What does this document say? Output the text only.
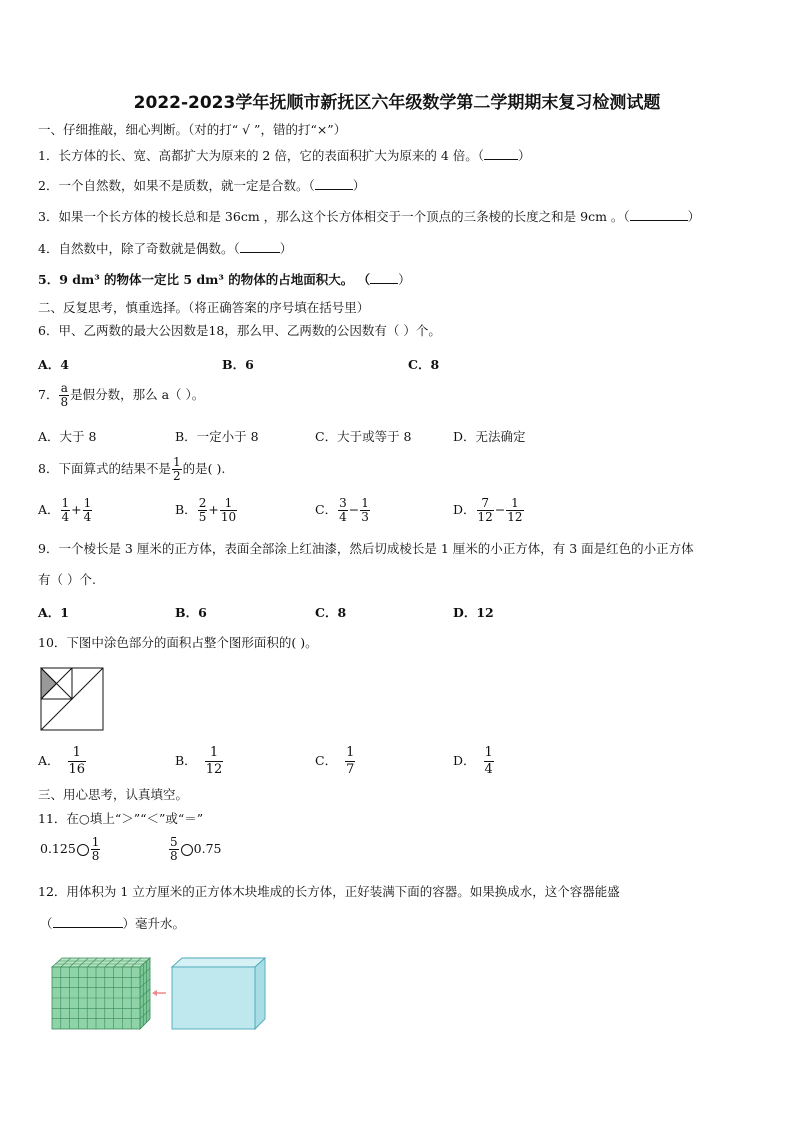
2022-2023学年抚顺市新抚区六年级数学第二学期期末复习检测试题
一、仔细推敲，细心判断。（对的打“ √ ”，错的打“×”）
1．长方体的长、宽、高都扩大为原来的 2 倍，它的表面积扩大为原来的 4 倍。（	）
2．一个自然数，如果不是质数，就一定是合数。（	）
3．如果一个长方体的棱长总和是 36cm ，那么这个长方体相交于一个顶点的三条棱的长度之和是 9cm 。（	）
4．自然数中，除了奇数就是偶数。（	）
5．9 dm³ 的物体一定比 5 dm³ 的物体的占地面积大。 （ ）
二、反复思考，慎重选择。（将正确答案的序号填在括号里）
6．甲、乙两数的最大公因数是18，那么甲、乙两数的公因数有（ ）个。
A．4	B．6	C．8
7． $\frac{a}{8}$ 是假分数，那么 a（ ）。
A．大于 8	B．一定小于 8	C．大于或等于 8	D．无法确定
8．下面算式的结果不是 $\frac{1}{2}$ 的是( ).
A． $\frac{1}{4} + \frac{1}{4}$	B． $\frac{2}{5} + \frac{1}{10}$	C． $\frac{3}{4} - \frac{1}{3}$	D． $\frac{7}{12} - \frac{1}{12}$
9．一个棱长是 3 厘米的正方体，表面全部涂上红油漆，然后切成棱长是 1 厘米的小正方体，有 3 面是红色的小正方体
有（ ）个.
A．1	B．6	C．8	D．12
10．下图中涂色部分的面积占整个图形面积的( )。
A． $\frac{1}{16}$	B． $\frac{1}{12}$	C． $\frac{1}{7}$	D． $\frac{1}{4}$
三、用心思考，认真填空。
11．在○填上“＞”“＜”或“＝”
$0.125 \frac{1}{8}$	$\frac{5}{8} 0.75$
12．用体积为 1 立方厘米的正方体木块堆成的长方体，正好装满下面的容器。如果换成水，这个容器能盛
（	）毫升水。
